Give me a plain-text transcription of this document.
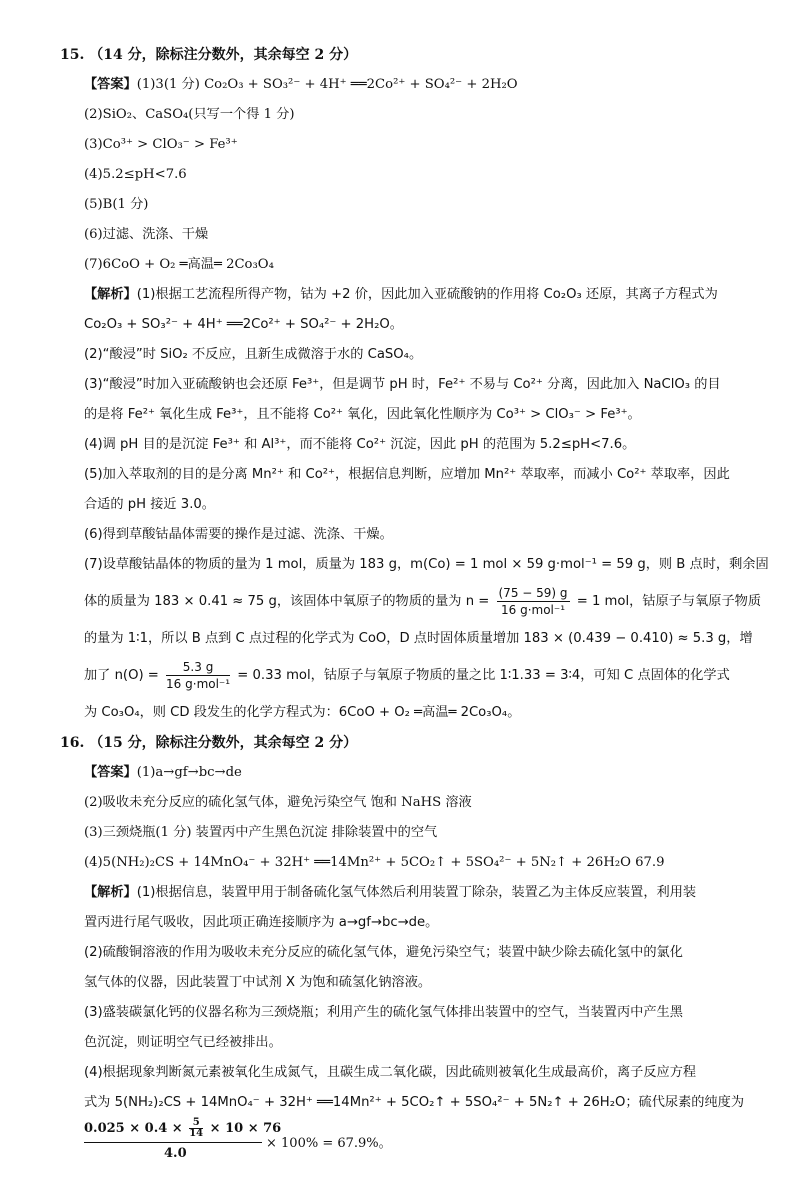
15. （14 分，除标注分数外，其余每空 2 分）
【答案】(1)3(1 分) Co₂O₃ + SO₃²⁻ + 4H⁺ ══2Co²⁺ + SO₄²⁻ + 2H₂O
(2)SiO₂、CaSO₄(只写一个得 1 分)
(3)Co³⁺ > ClO₃⁻ > Fe³⁺
(4)5.2≤pH<7.6
(5)B(1 分)
(6)过滤、洗涤、干燥
(7)6CoO + O₂ ═高温═ 2Co₃O₄
【解析】(1)根据工艺流程所得产物，钴为 +2 价，因此加入亚硫酸钠的作用将 Co₂O₃ 还原，其离子方程式为
Co₂O₃ + SO₃²⁻ + 4H⁺ ══2Co²⁺ + SO₄²⁻ + 2H₂O。
(2)“酸浸”时 SiO₂ 不反应，且新生成微溶于水的 CaSO₄。
(3)“酸浸”时加入亚硫酸钠也会还原 Fe³⁺，但是调节 pH 时，Fe²⁺ 不易与 Co²⁺ 分离，因此加入 NaClO₃ 的目
的是将 Fe²⁺ 氧化生成 Fe³⁺，且不能将 Co²⁺ 氧化，因此氧化性顺序为 Co³⁺ > ClO₃⁻ > Fe³⁺。
(4)调 pH 目的是沉淀 Fe³⁺ 和 Al³⁺，而不能将 Co²⁺ 沉淀，因此 pH 的范围为 5.2≤pH<7.6。
(5)加入萃取剂的目的是分离 Mn²⁺ 和 Co²⁺，根据信息判断，应增加 Mn²⁺ 萃取率，而减小 Co²⁺ 萃取率，因此
合适的 pH 接近 3.0。
(6)得到草酸钴晶体需要的操作是过滤、洗涤、干燥。
(7)设草酸钴晶体的物质的量为 1 mol，质量为 183 g，m(Co) = 1 mol × 59 g·mol⁻¹ = 59 g，则 B 点时，剩余固
体的质量为 183 × 0.41 ≈ 75 g，该固体中氧原子的物质的量为 $n = \frac{(75 - 59) g}{\text{16 g·mol⁻¹}} = 1$ mol，钴原子与氧原子物质
的量为 1∶1，所以 B 点到 C 点过程的化学式为 CoO，D 点时固体质量增加 183 × (0.439 − 0.410) ≈ 5.3 g，增
加了 $n(O) = \frac{5.3 g}{\text{16 g·mol⁻¹}} = 0.33$ mol，钴原子与氧原子物质的量之比 1∶1.33 = 3∶4，可知 C 点固体的化学式
为 Co₃O₄，则 CD 段发生的化学方程式为：6CoO + O₂ ═高温═ 2Co₃O₄。
16. （15 分，除标注分数外，其余每空 2 分）
【答案】(1)a→gf→bc→de
(2)吸收未充分反应的硫化氢气体，避免污染空气 饱和 NaHS 溶液
(3)三颈烧瓶(1 分) 装置丙中产生黑色沉淀 排除装置中的空气
(4)5(NH₂)₂CS + 14MnO₄⁻ + 32H⁺ ══14Mn²⁺ + 5CO₂↑ + 5SO₄²⁻ + 5N₂↑ + 26H₂O 67.9
【解析】(1)根据信息，装置甲用于制备硫化氢气体然后利用装置丁除杂，装置乙为主体反应装置，利用装
置丙进行尾气吸收，因此项正确连接顺序为 a→gf→bc→de。
(2)硫酸铜溶液的作用为吸收未充分反应的硫化氢气体，避免污染空气；装置中缺少除去硫化氢中的氯化
氢气体的仪器，因此装置丁中试剂 X 为饱和硫氢化钠溶液。
(3)盛装碳氯化钙的仪器名称为三颈烧瓶；利用产生的硫化氢气体排出装置中的空气，当装置丙中产生黑
色沉淀，则证明空气已经被排出。
(4)根据现象判断氮元素被氧化生成氮气，且碳生成二氧化碳，因此硫则被氧化生成最高价，离子反应方程
式为 5(NH₂)₂CS + 14MnO₄⁻ + 32H⁺ ══14Mn²⁺ + 5CO₂↑ + 5SO₄²⁻ + 5N₂↑ + 26H₂O；硫代尿素的纯度为
$0.025 \times 0.4 \times \frac{5}{14} \times 10 \times 76$
4.0
× 100% = 67.9%。
